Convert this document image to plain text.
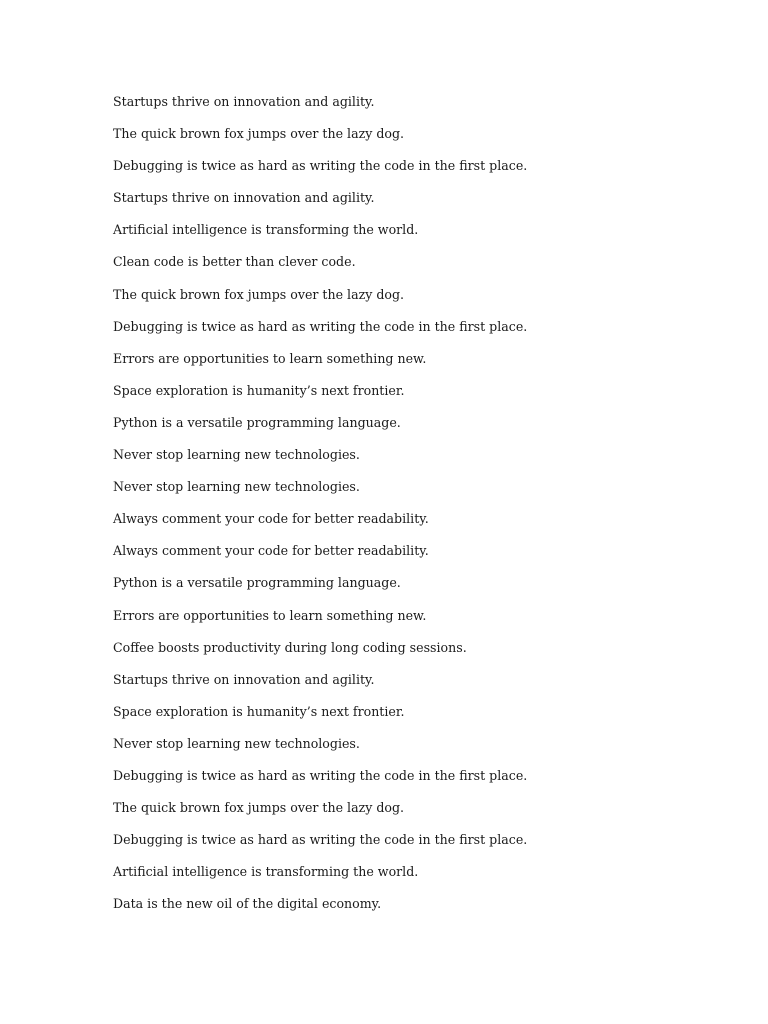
Startups thrive on innovation and agility.

The quick brown fox jumps over the lazy dog.

Debugging is twice as hard as writing the code in the first place.

Startups thrive on innovation and agility.

Artificial intelligence is transforming the world.

Clean code is better than clever code.

The quick brown fox jumps over the lazy dog.

Debugging is twice as hard as writing the code in the first place.

Errors are opportunities to learn something new.

Space exploration is humanity’s next frontier.

Python is a versatile programming language.

Never stop learning new technologies.

Never stop learning new technologies.

Always comment your code for better readability.

Always comment your code for better readability.

Python is a versatile programming language.

Errors are opportunities to learn something new.

Coffee boosts productivity during long coding sessions.

Startups thrive on innovation and agility.

Space exploration is humanity’s next frontier.

Never stop learning new technologies.

Debugging is twice as hard as writing the code in the first place.

The quick brown fox jumps over the lazy dog.

Debugging is twice as hard as writing the code in the first place.

Artificial intelligence is transforming the world.

Data is the new oil of the digital economy.
